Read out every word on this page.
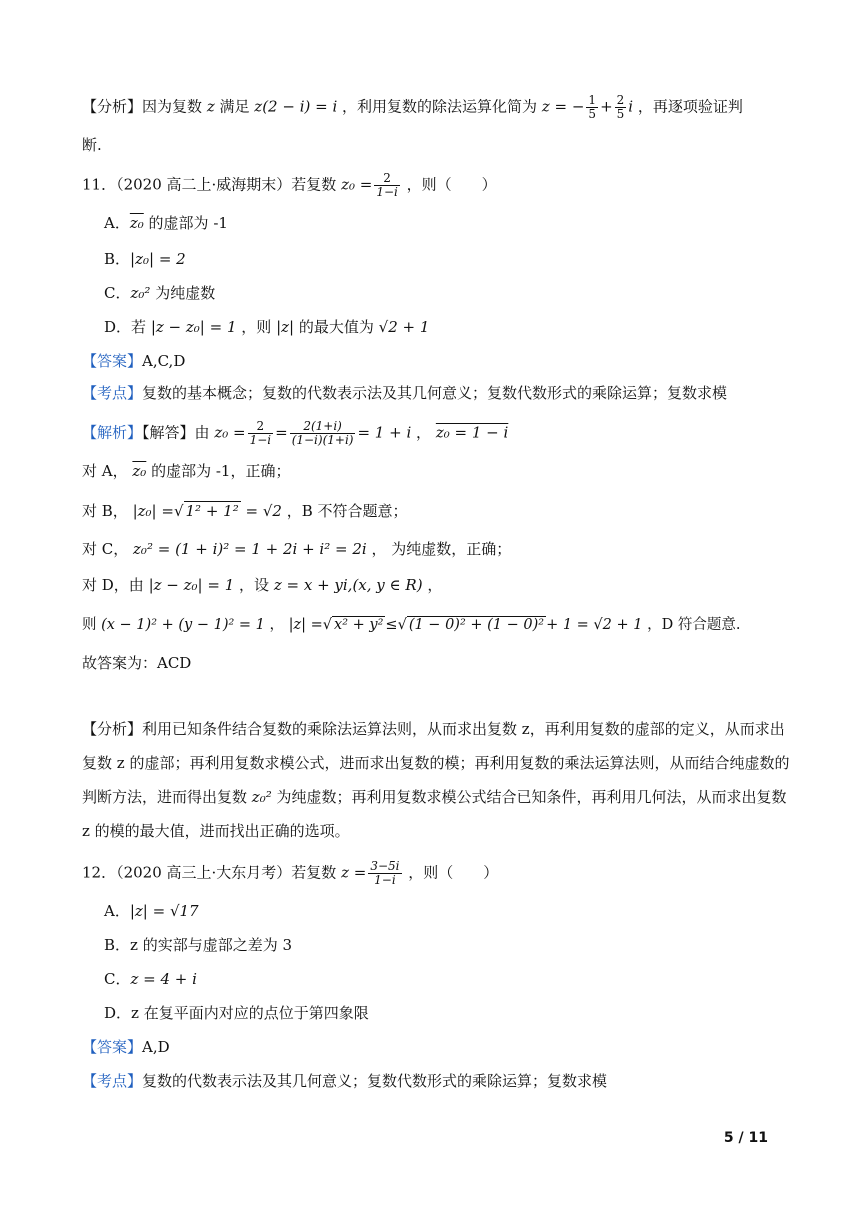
【分析】因为复数 z 满足 z(2 − i) = i ，利用复数的除法运算化简为 z = − $\frac{1}{5} + \frac{2}{5}$ i ，再逐项验证判
断.
11．（2020 高二上·威海期末）若复数 $z_0 = \frac{2}{1-i}$ ，则（　　）
A．z₀ 的虚部为 -1
B．|z₀| = 2
C．z₀² 为纯虚数
D．若 |z − z₀| = 1 ，则 |z| 的最大值为 √2 + 1
【答案】A,C,D
【考点】复数的基本概念；复数的代数表示法及其几何意义；复数代数形式的乘除运算；复数求模
【解析】【解答】由 $z_0 = \frac{2}{1-i} = \frac{2(1+i)}{(1-i)(1+i)} = 1 + i$ ， z₀ = 1 − i
对 A， z₀ 的虚部为 -1，正确；
对 B， |z₀| =√ 1² + 1² = √2 ，B 不符合题意；
对 C， z₀² = (1 + i)² = 1 + 2i + i² = 2i ， 为纯虚数，正确；
对 D，由 |z − z₀| = 1 ，设 z = x + yi,(x, y ∈ R) ，
则 (x − 1)² + (y − 1)² = 1 ， |z| =√ x² + y² ≤√ (1 − 0)² + (1 − 0)² + 1 = √2 + 1 ，D 符合题意.
故答案为：ACD
【分析】利用已知条件结合复数的乘除法运算法则，从而求出复数 z，再利用复数的虚部的定义，从而求出复数 z 的虚部；再利用复数求模公式，进而求出复数的模；再利用复数的乘法运算法则，从而结合纯虚数的判断方法，进而得出复数 z₀² 为纯虚数；再利用复数求模公式结合已知条件，再利用几何法，从而求出复数 z 的模的最大值，进而找出正确的选项。
12．（2020 高三上·大东月考）若复数 $z = \frac{3-5i}{1-i}$ ，则（　　）
A．|z| = √17
B．z 的实部与虚部之差为 3
C．z = 4 + i
D．z 在复平面内对应的点位于第四象限
【答案】A,D
【考点】复数的代数表示法及其几何意义；复数代数形式的乘除运算；复数求模
5 / 11
